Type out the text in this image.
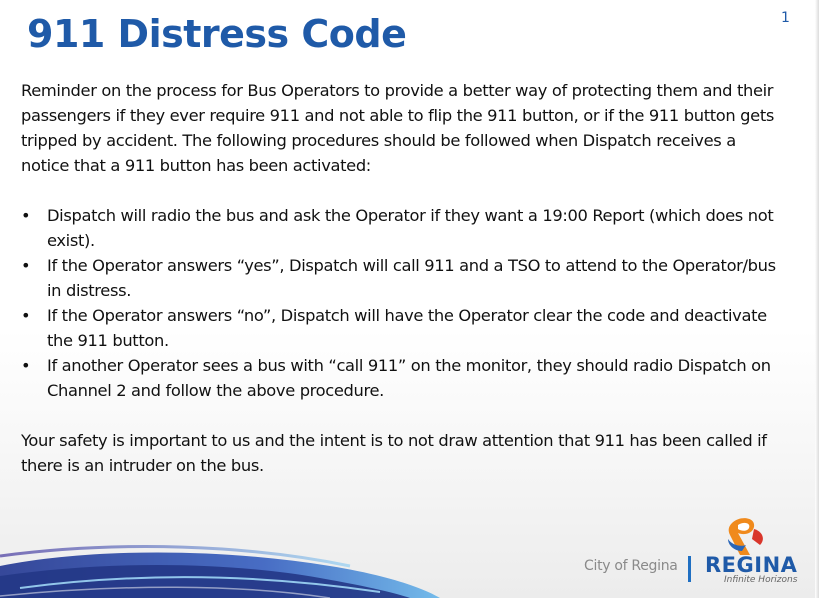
911 Distress Code	1

Reminder on the process for Bus Operators to provide a better way of protecting them and their passengers if they ever require 911 and not able to flip the 911 button, or if the 911 button gets tripped by accident. The following procedures should be followed when Dispatch receives a notice that a 911 button has been activated:

• Dispatch will radio the bus and ask the Operator if they want a 19:00 Report (which does not exist).
• If the Operator answers “yes”, Dispatch will call 911 and a TSO to attend to the Operator/bus in distress.
• If the Operator answers “no”, Dispatch will have the Operator clear the code and deactivate the 911 button.
• If another Operator sees a bus with “call 911” on the monitor, they should radio Dispatch on Channel 2 and follow the above procedure.

Your safety is important to us and the intent is to not draw attention that 911 has been called if there is an intruder on the bus.

City of Regina REGINA
Infinite Horizons
